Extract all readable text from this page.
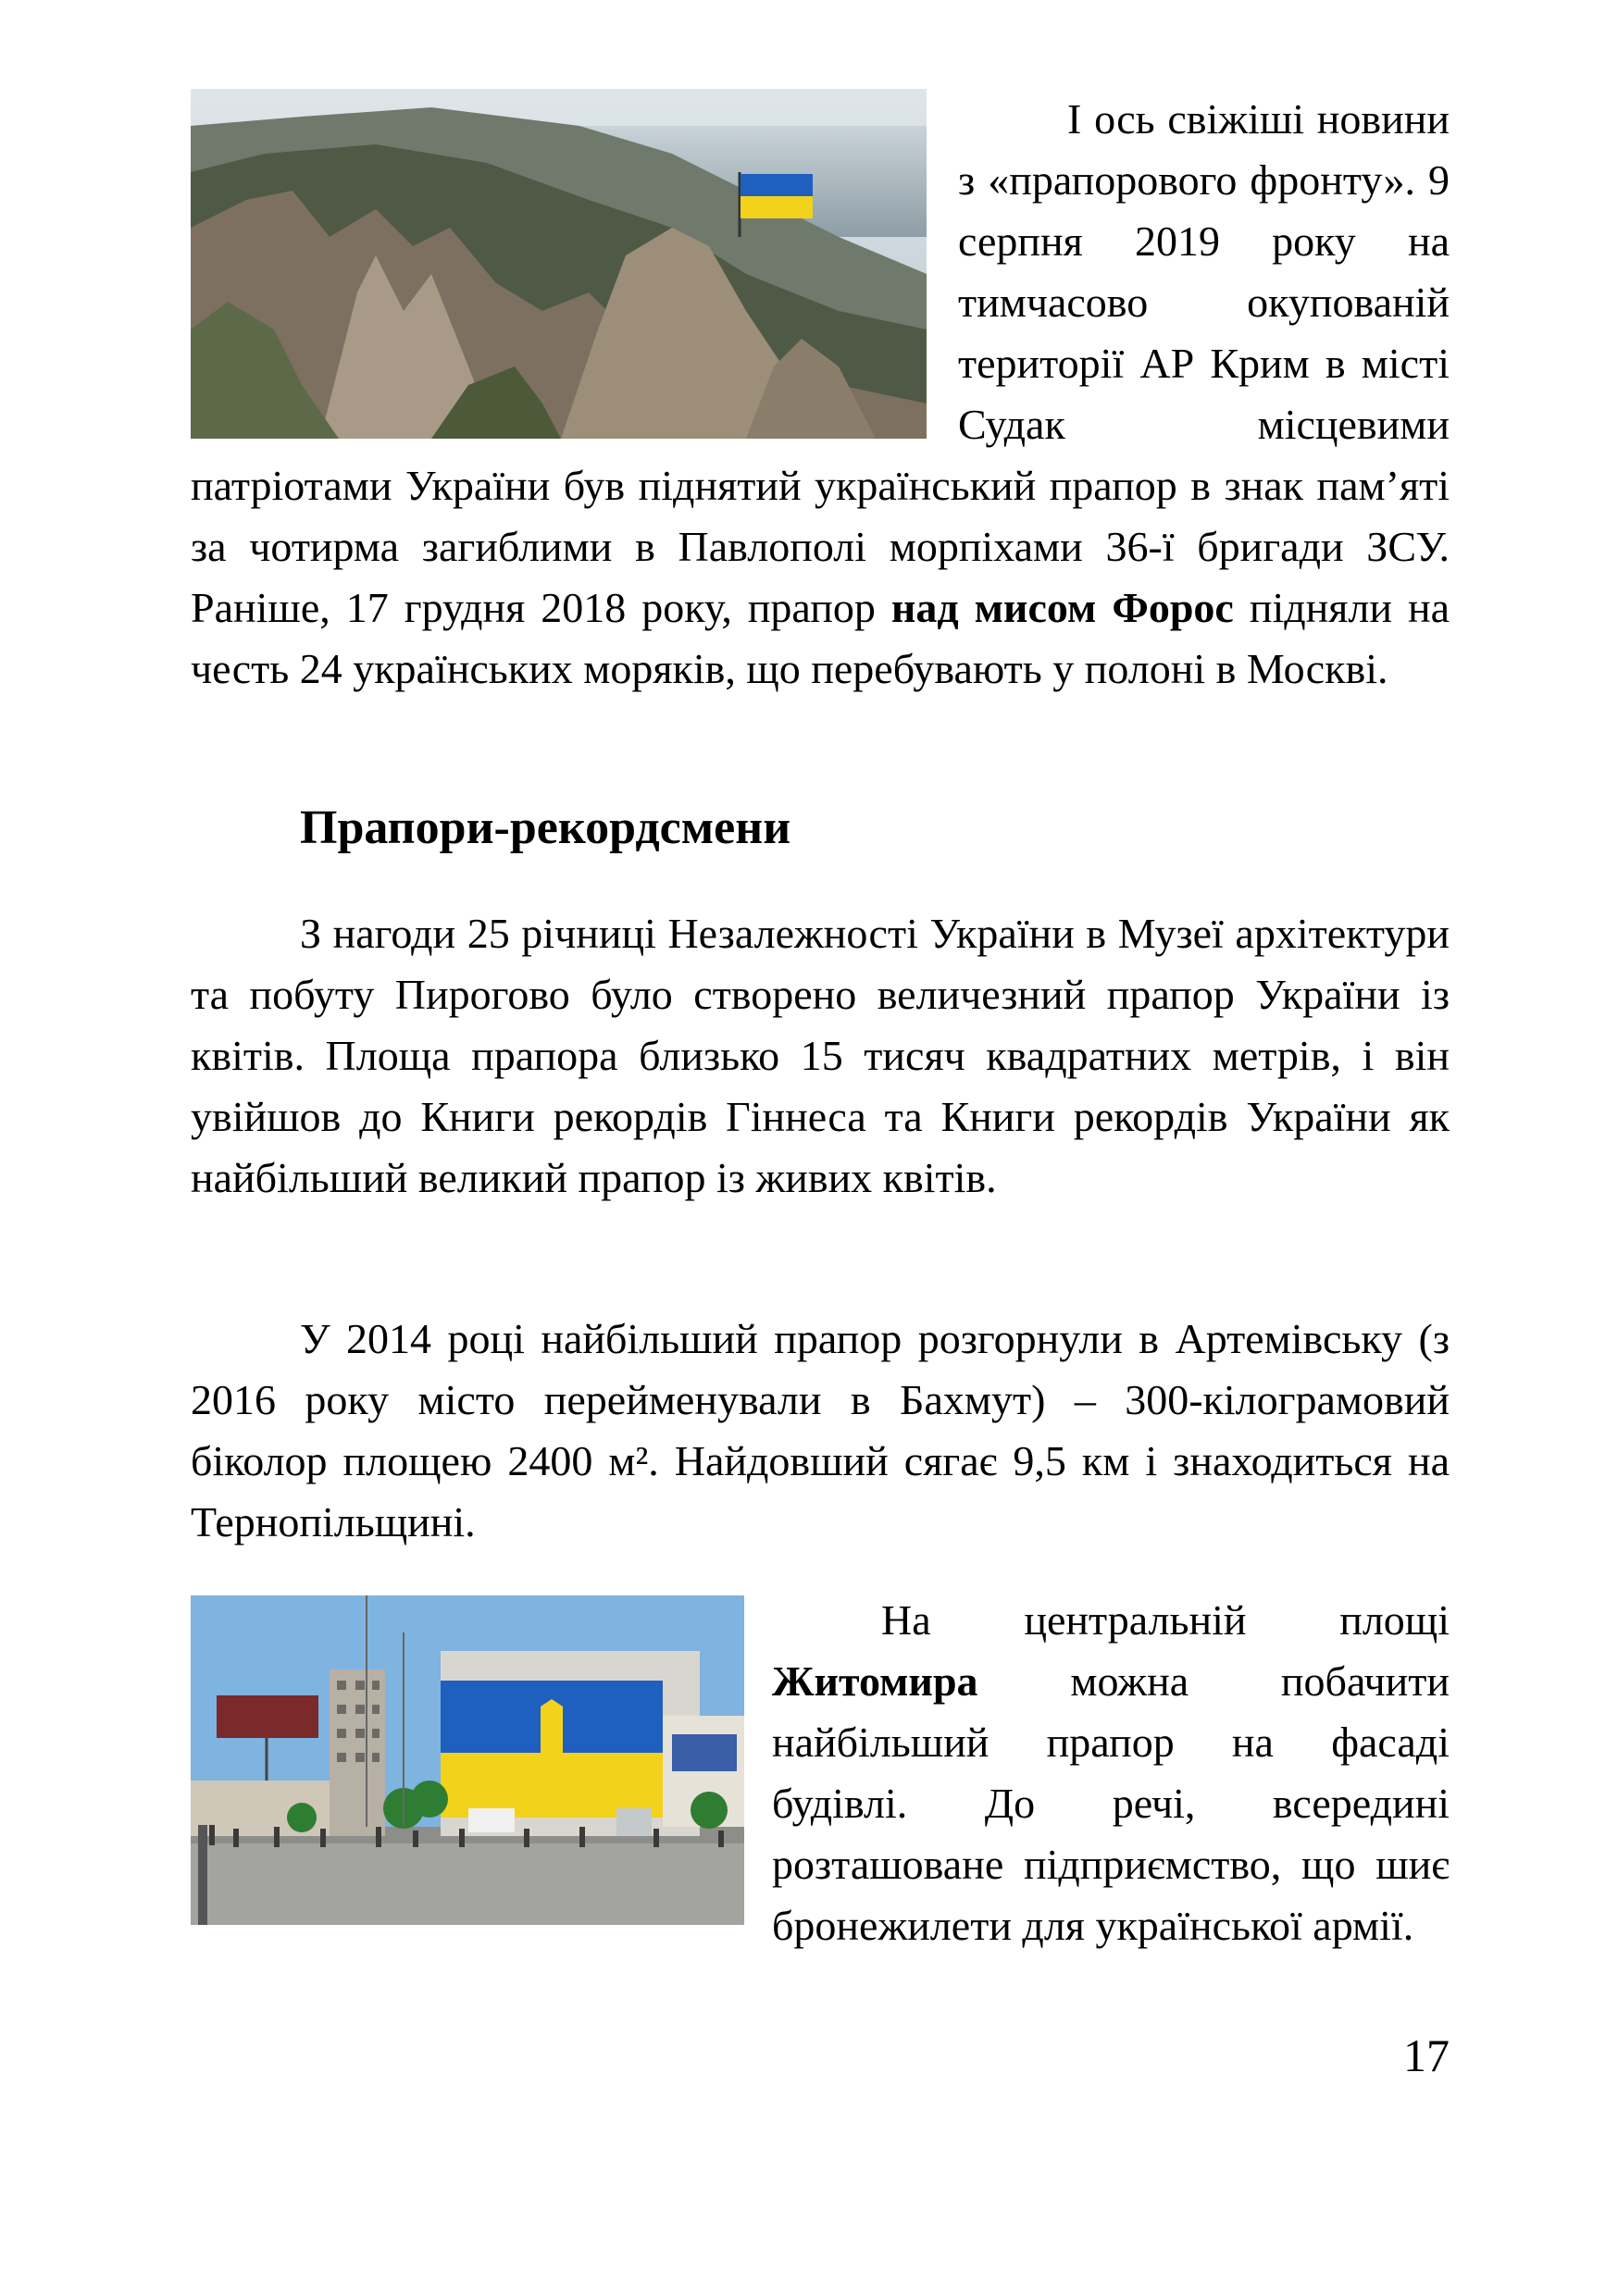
І ось свіжіші новини з «прапорового фронту». 9 серпня 2019 року на тимчасово окупованій території АР Крим в місті Судак місцевими патріотами України був піднятий український прапор в знак пам’яті за чотирма загиблими в Павлополі морпіхами 36-ї бригади ЗСУ. Раніше, 17 грудня 2018 року, прапор над мисом Форос підняли на честь 24 українських моряків, що перебувають у полоні в Москві.

Прапори-рекордсмени

З нагоди 25 річниці Незалежності України в Музеї архітектури та побуту Пирогово було створено величезний прапор України із квітів. Площа прапора близько 15 тисяч квадратних метрів, і він увійшов до Книги рекордів Гіннеса та Книги рекордів України як найбільший великий прапор із живих квітів.

У 2014 році найбільший прапор розгорнули в Артемівську (з 2016 року місто перейменували в Бахмут) – 300-кілограмовий біколор площею 2400 м². Найдовший сягає 9,5 км і знаходиться на Тернопільщині.

На центральній площі Житомира можна побачити найбільший прапор на фасаді будівлі. До речі, всередині розташоване підприємство, що шиє бронежилети для української армії.

17
